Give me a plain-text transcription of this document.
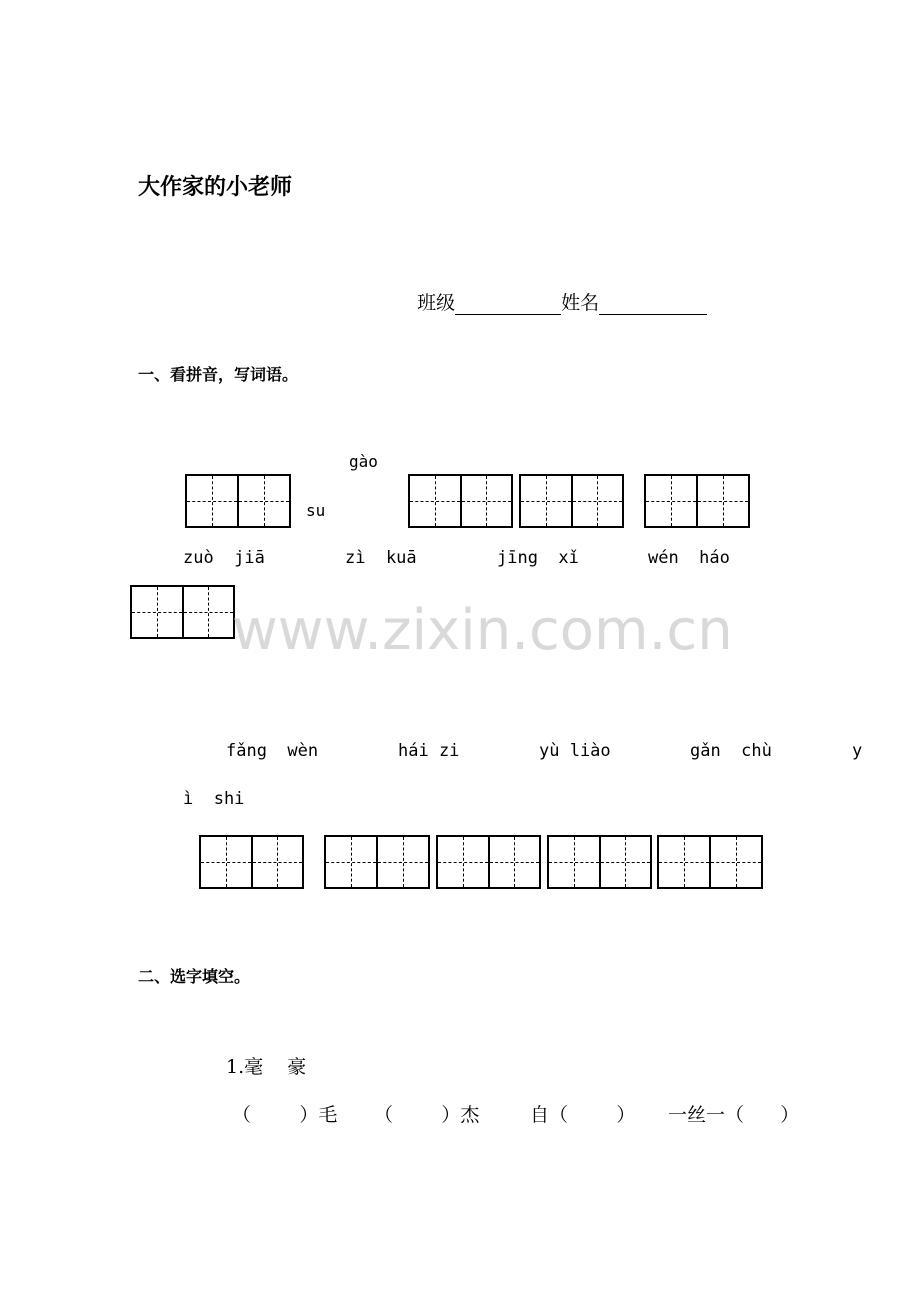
大作家的小老师

班级	姓名

一、看拼音，写词语。
gào
su
zuò  jiā	zì  kuā	jīng  xǐ	wén  háo
www.zixin.com.cn
fǎng  wèn	hái zi	yù liào	gǎn  chù	y
ì  shi
二、选字填空。
1.毫    豪
（        ）毛 （        ）杰	自（        ） 一丝一（      ）
